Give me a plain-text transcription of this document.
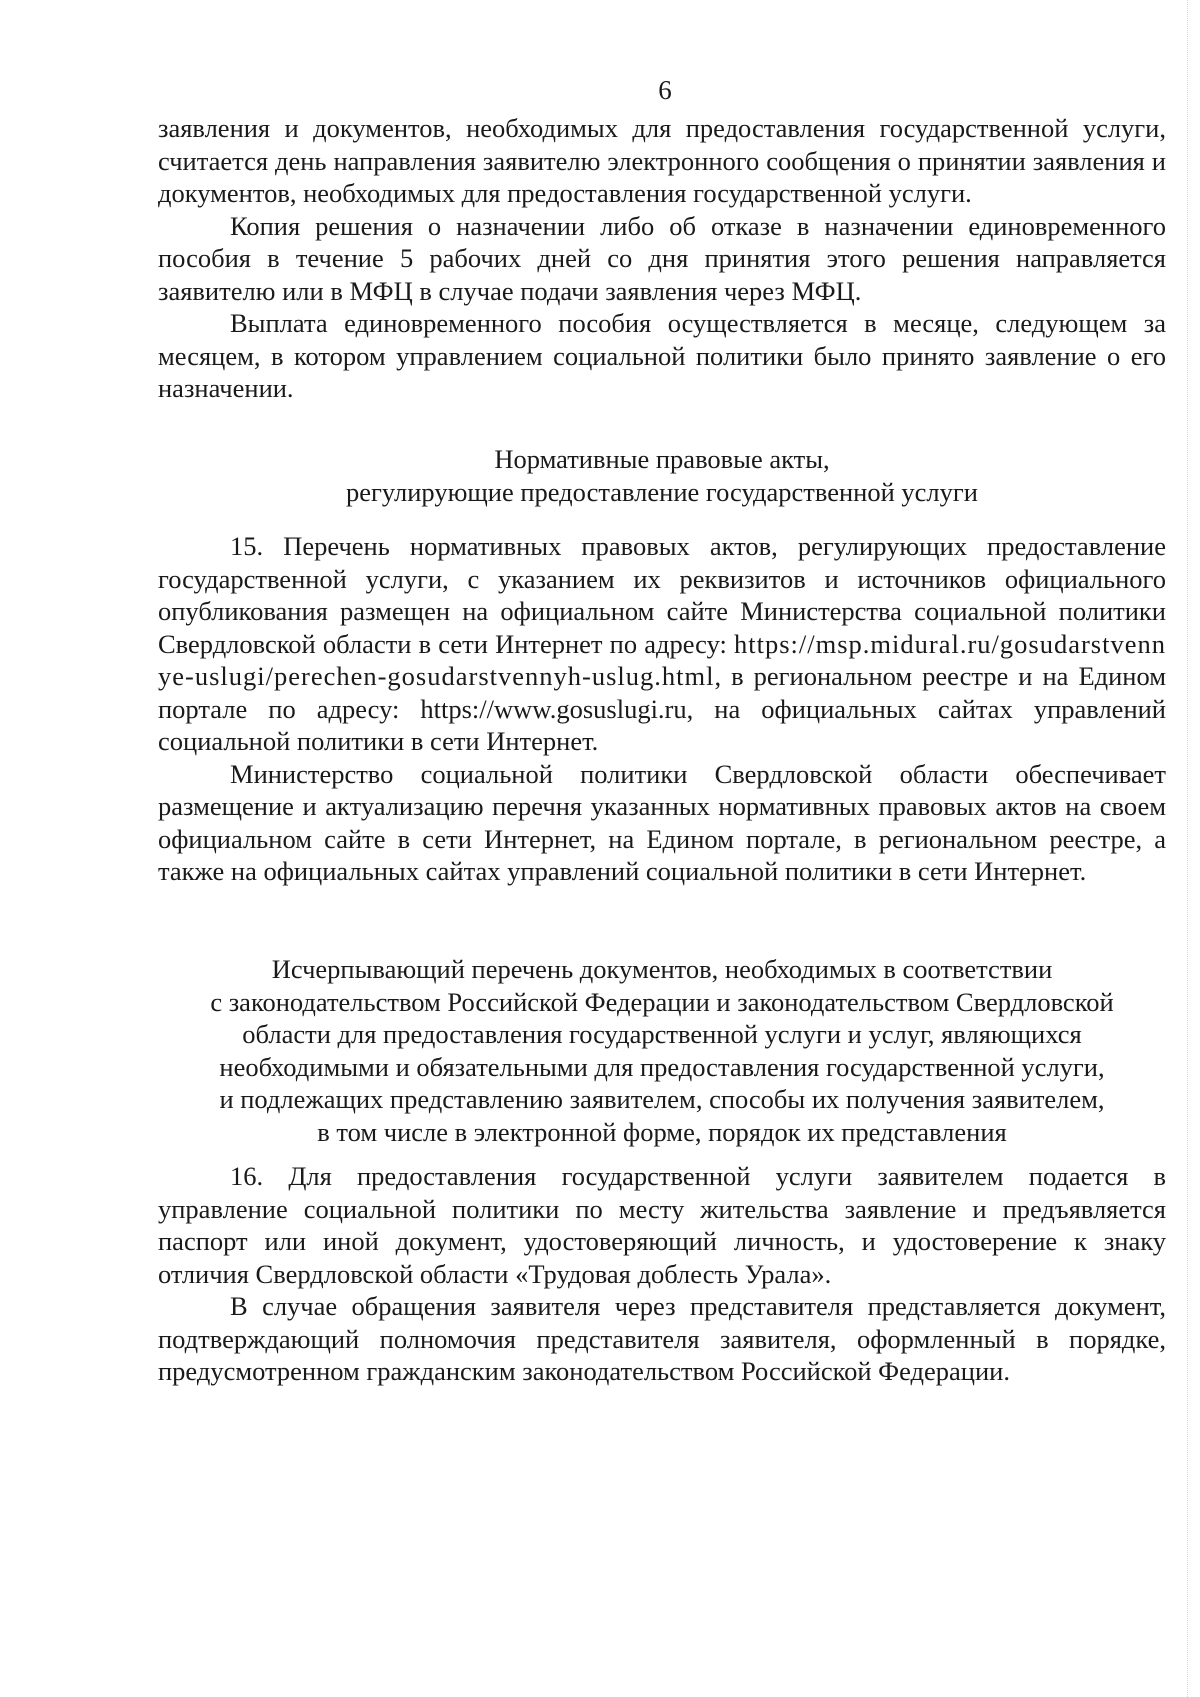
6

заявления и документов, необходимых для предоставления государственной услуги, считается день направления заявителю электронного сообщения о принятии заявления и документов, необходимых для предоставления государственной услуги.

Копия решения о назначении либо об отказе в назначении единовременного пособия в течение 5 рабочих дней со дня принятия этого решения направляется заявителю или в МФЦ в случае подачи заявления через МФЦ.

Выплата единовременного пособия осуществляется в месяце, следующем за месяцем, в котором управлением социальной политики было принято заявление о его назначении.

Нормативные правовые акты,
регулирующие предоставление государственной услуги

15. Перечень нормативных правовых актов, регулирующих предоставление государственной услуги, с указанием их реквизитов и источников официального опубликования размещен на официальном сайте Министерства социальной политики Свердловской области в сети Интернет по адресу: https://msp.midural.ru/gosudarstvennye-uslugi/perechen-gosudarstvennyh-uslug.html, в региональном реестре и на Едином портале по адресу: https://www.gosuslugi.ru, на официальных сайтах управлений социальной политики в сети Интернет.

Министерство социальной политики Свердловской области обеспечивает размещение и актуализацию перечня указанных нормативных правовых актов на своем официальном сайте в сети Интернет, на Едином портале, в региональном реестре, а также на официальных сайтах управлений социальной политики в сети Интернет.

Исчерпывающий перечень документов, необходимых в соответствии
с законодательством Российской Федерации и законодательством Свердловской
области для предоставления государственной услуги и услуг, являющихся
необходимыми и обязательными для предоставления государственной услуги,
и подлежащих представлению заявителем, способы их получения заявителем,
в том числе в электронной форме, порядок их представления

16. Для предоставления государственной услуги заявителем подается в управление социальной политики по месту жительства заявление и предъявляется паспорт или иной документ, удостоверяющий личность, и удостоверение к знаку отличия Свердловской области «Трудовая доблесть Урала».

В случае обращения заявителя через представителя представляется документ, подтверждающий полномочия представителя заявителя, оформленный в порядке, предусмотренном гражданским законодательством Российской Федерации.
